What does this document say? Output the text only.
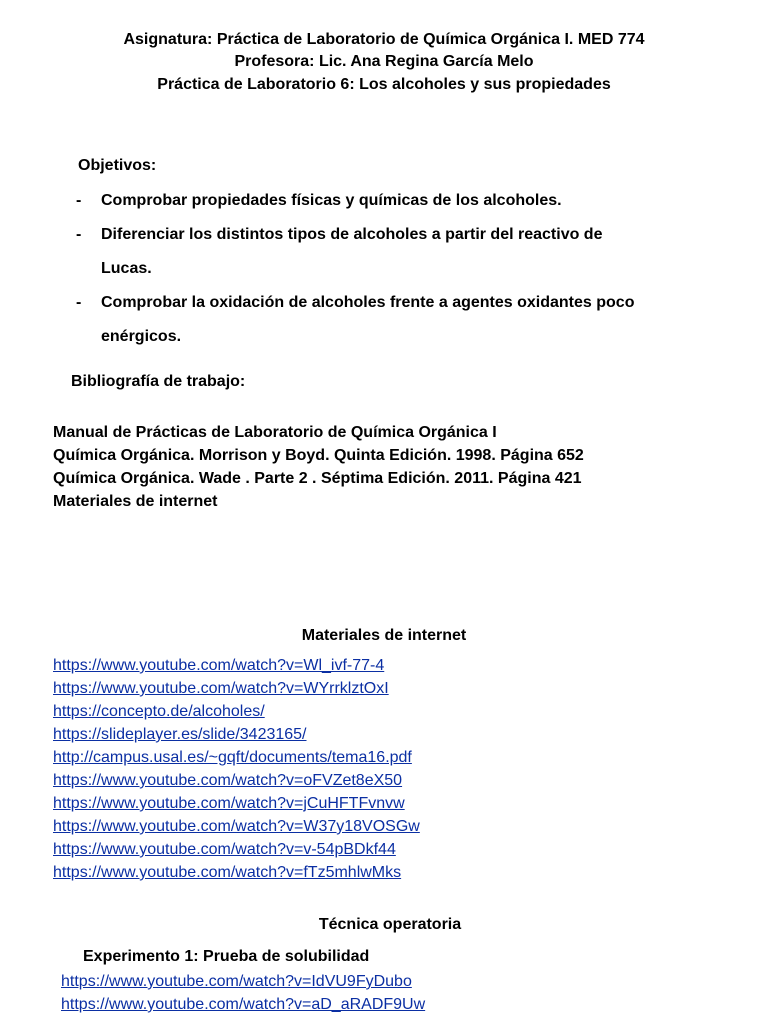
Asignatura: Práctica de Laboratorio de Química Orgánica I. MED 774
Profesora: Lic. Ana Regina García Melo
Práctica de Laboratorio 6: Los alcoholes y sus propiedades
Objetivos:
- Comprobar propiedades físicas y químicas de los alcoholes.
- Diferenciar los distintos tipos de alcoholes a partir del reactivo de
Lucas.
- Comprobar la oxidación de alcoholes frente a agentes oxidantes poco
enérgicos.
Bibliografía de trabajo:
Manual de Prácticas de Laboratorio de Química Orgánica I
Química Orgánica. Morrison y Boyd. Quinta Edición. 1998. Página 652
Química Orgánica. Wade . Parte 2 . Séptima Edición. 2011. Página 421
Materiales de internet
Materiales de internet
https://www.youtube.com/watch?v=Wl_ivf-77-4
https://www.youtube.com/watch?v=WYrrklztOxI
https://concepto.de/alcoholes/
https://slideplayer.es/slide/3423165/
http://campus.usal.es/~gqft/documents/tema16.pdf
https://www.youtube.com/watch?v=oFVZet8eX50
https://www.youtube.com/watch?v=jCuHFTFvnvw
https://www.youtube.com/watch?v=W37y18VOSGw
https://www.youtube.com/watch?v=v-54pBDkf44
https://www.youtube.com/watch?v=fTz5mhlwMks
Técnica operatoria
Experimento 1: Prueba de solubilidad
https://www.youtube.com/watch?v=IdVU9FyDubo
https://www.youtube.com/watch?v=aD_aRADF9Uw
